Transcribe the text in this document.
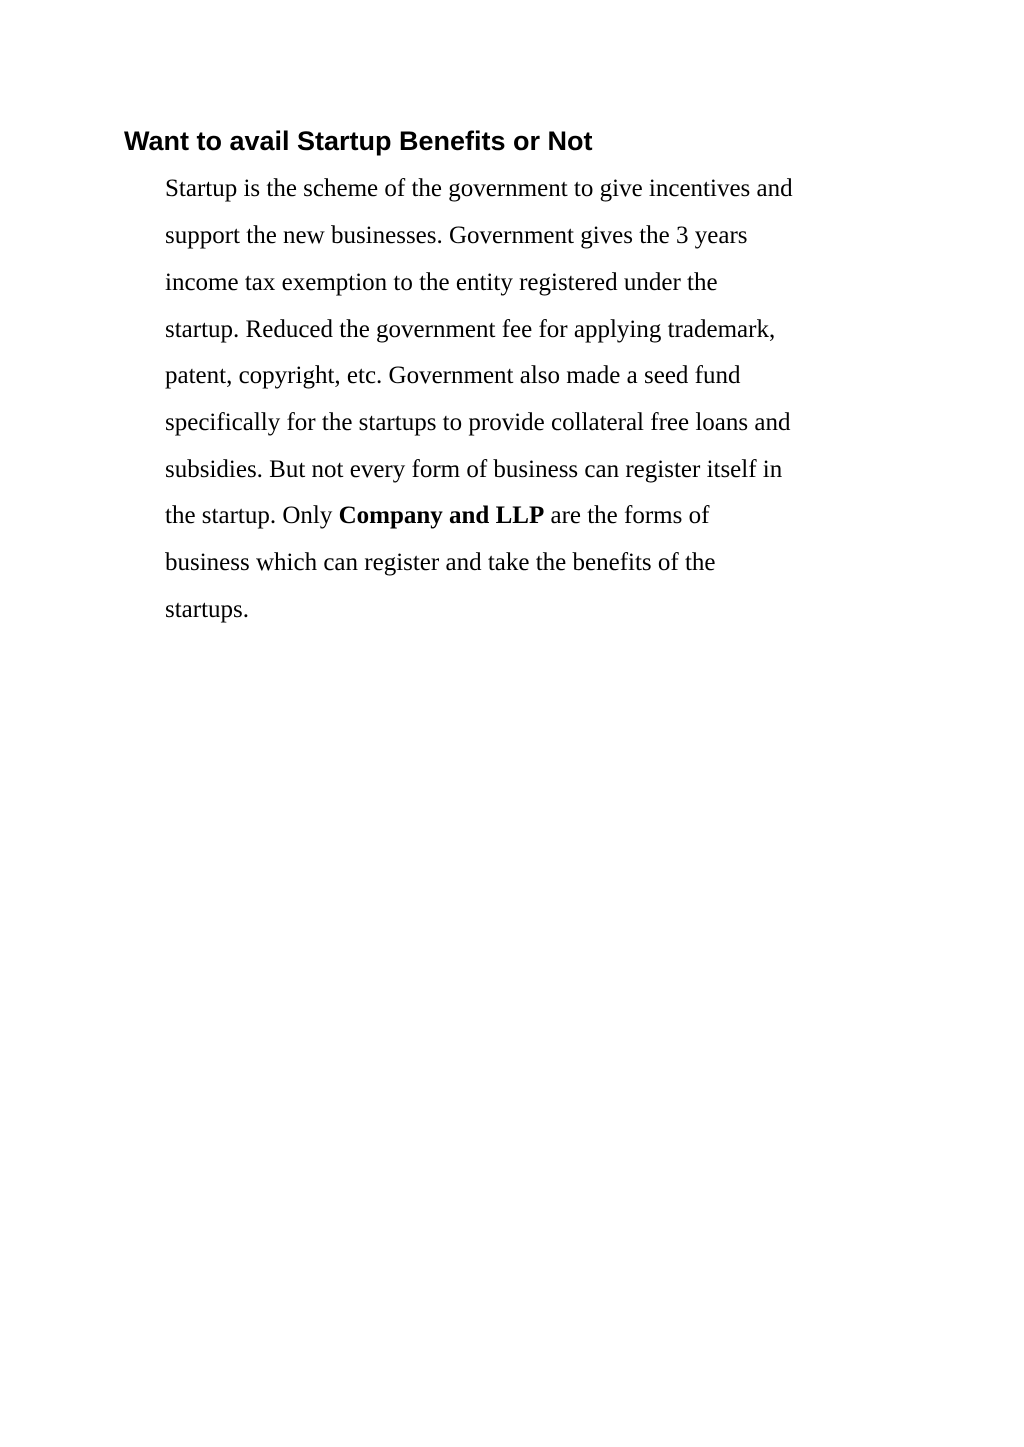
Want to avail Startup Benefits or Not
Startup is the scheme of the government to give incentives and
support the new businesses. Government gives the 3 years
income tax exemption to the entity registered under the
startup. Reduced the government fee for applying trademark,
patent, copyright, etc. Government also made a seed fund
specifically for the startups to provide collateral free loans and
subsidies. But not every form of business can register itself in
the startup. Only Company and LLP are the forms of
business which can register and take the benefits of the
startups.
